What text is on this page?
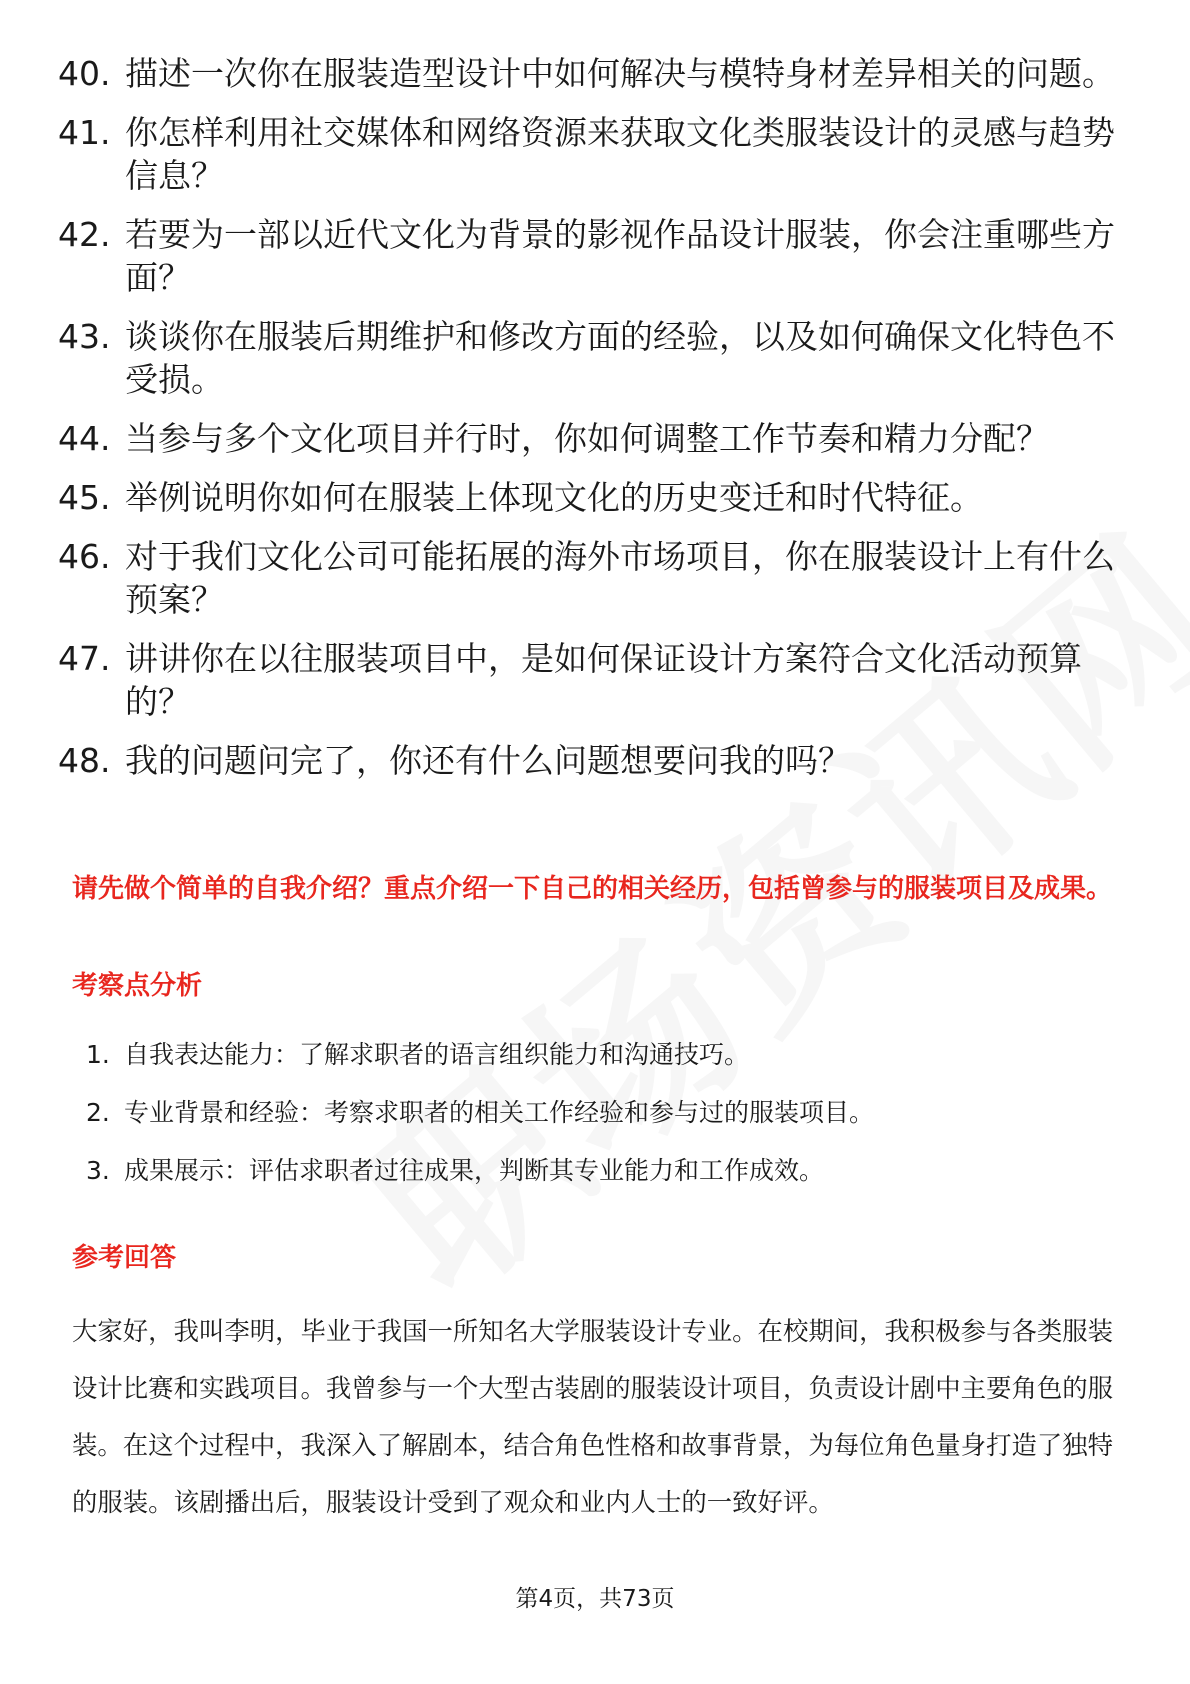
40. 描述一次你在服装造型设计中如何解决与模特身材差异相关的问题。
41. 你怎样利用社交媒体和网络资源来获取文化类服装设计的灵感与趋势信息？
42. 若要为一部以近代文化为背景的影视作品设计服装，你会注重哪些方面？
43. 谈谈你在服装后期维护和修改方面的经验，以及如何确保文化特色不受损。
44. 当参与多个文化项目并行时，你如何调整工作节奏和精力分配？
45. 举例说明你如何在服装上体现文化的历史变迁和时代特征。
46. 对于我们文化公司可能拓展的海外市场项目，你在服装设计上有什么预案？
47. 讲讲你在以往服装项目中，是如何保证设计方案符合文化活动预算的？
48. 我的问题问完了，你还有什么问题想要问我的吗？
请先做个简单的自我介绍？重点介绍一下自己的相关经历，包括曾参与的服装项目及成果。
考察点分析
1. 自我表达能力：了解求职者的语言组织能力和沟通技巧。
2. 专业背景和经验：考察求职者的相关工作经验和参与过的服装项目。
3. 成果展示：评估求职者过往成果，判断其专业能力和工作成效。
参考回答
大家好，我叫李明，毕业于我国一所知名大学服装设计专业。在校期间，我积极参与各类服装设计比赛和实践项目。我曾参与一个大型古装剧的服装设计项目，负责设计剧中主要角色的服装。在这个过程中，我深入了解剧本，结合角色性格和故事背景，为每位角色量身打造了独特的服装。该剧播出后，服装设计受到了观众和业内人士的一致好评。
第4页，共73页
